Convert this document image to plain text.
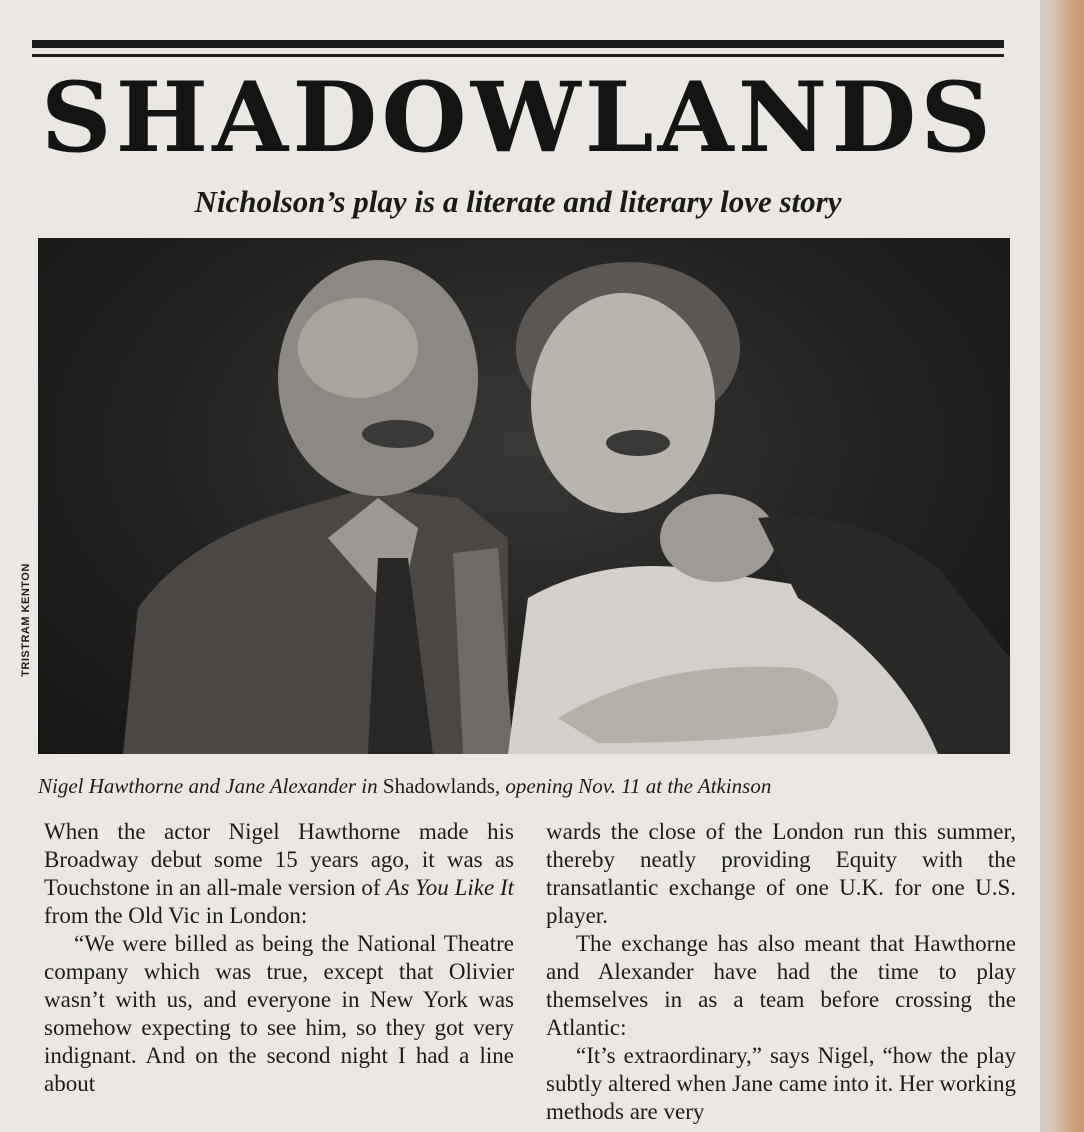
SHADOWLANDS
Nicholson’s play is a literate and literary love story
TRISTRAM KENTON
Nigel Hawthorne and Jane Alexander in Shadowlands, opening Nov. 11 at the Atkinson

When the actor Nigel Hawthorne made his Broadway debut some 15 years ago, it was as Touchstone in an all-male version of As You Like It from the Old Vic in London:

“We were billed as being the National Theatre company which was true, except that Olivier wasn’t with us, and everyone in New York was somehow expecting to see him, so they got very indignant. And on the second night I had a line about

wards the close of the London run this summer, thereby neatly providing Equity with the transatlantic exchange of one U.K. for one U.S. player.

The exchange has also meant that Hawthorne and Alexander have had the time to play themselves in as a team before crossing the Atlantic:

“It’s extraordinary,” says Nigel, “how the play subtly altered when Jane came into it. Her working methods are very
